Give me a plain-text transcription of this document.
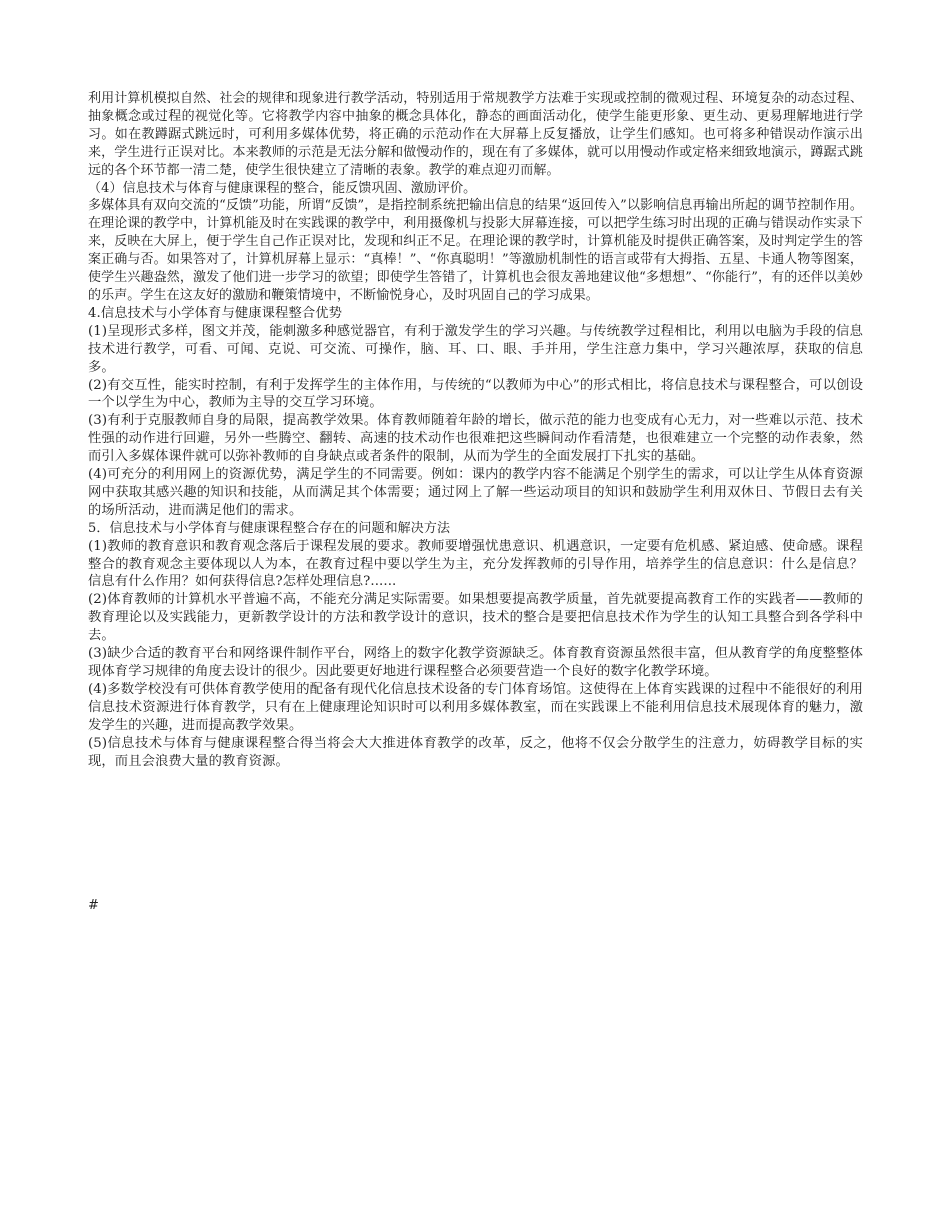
利用计算机模拟自然、社会的规律和现象进行教学活动，特别适用于常规教学方法难于实现或控制的微观过程、环境复杂的动态过程、抽象概念或过程的视觉化等。它将教学内容中抽象的概念具体化，静态的画面活动化，使学生能更形象、更生动、更易理解地进行学习。如在教蹲踞式跳远时，可利用多媒体优势，将正确的示范动作在大屏幕上反复播放，让学生们感知。也可将多种错误动作演示出来，学生进行正误对比。本来教师的示范是无法分解和做慢动作的，现在有了多媒体，就可以用慢动作或定格来细致地演示，蹲踞式跳远的各个环节都一清二楚，使学生很快建立了清晰的表象。教学的难点迎刃而解。

（4）信息技术与体育与健康课程的整合，能反馈巩固、激励评价。

多媒体具有双向交流的“反馈”功能，所谓“反馈”，是指控制系统把输出信息的结果“返回传入”以影响信息再输出所起的调节控制作用。在理论课的教学中，计算机能及时在实践课的教学中，利用摄像机与投影大屏幕连接，可以把学生练习时出现的正确与错误动作实录下来，反映在大屏上，便于学生自己作正误对比，发现和纠正不足。在理论课的教学时，计算机能及时提供正确答案，及时判定学生的答案正确与否。如果答对了，计算机屏幕上显示：“真棒！”、“你真聪明！”等激励机制性的语言或带有大拇指、五星、卡通人物等图案，使学生兴趣盎然，激发了他们进一步学习的欲望；即使学生答错了，计算机也会很友善地建议他“多想想”、“你能行”，有的还伴以美妙的乐声。学生在这友好的激励和鞭策情境中，不断愉悦身心，及时巩固自己的学习成果。

4.信息技术与小学体育与健康课程整合优势

(1)呈现形式多样，图文并茂，能刺激多种感觉器官，有利于激发学生的学习兴趣。与传统教学过程相比，利用以电脑为手段的信息技术进行教学，可看、可闻、克说、可交流、可操作，脑、耳、口、眼、手并用，学生注意力集中，学习兴趣浓厚，获取的信息多。

(2)有交互性，能实时控制，有利于发挥学生的主体作用，与传统的“以教师为中心”的形式相比，将信息技术与课程整合，可以创设一个以学生为中心，教师为主导的交互学习环境。

(3)有利于克服教师自身的局限，提高教学效果。体育教师随着年龄的增长，做示范的能力也变成有心无力，对一些难以示范、技术性强的动作进行回避，另外一些腾空、翻转、高速的技术动作也很难把这些瞬间动作看清楚，也很难建立一个完整的动作表象，然而引入多媒体课件就可以弥补教师的自身缺点或者条件的限制，从而为学生的全面发展打下扎实的基础。

(4)可充分的利用网上的资源优势，满足学生的不同需要。例如：课内的教学内容不能满足个别学生的需求，可以让学生从体育资源网中获取其感兴趣的知识和技能，从而满足其个体需要；通过网上了解一些运动项目的知识和鼓励学生利用双休日、节假日去有关的场所活动，进而满足他们的需求。

5．信息技术与小学体育与健康课程整合存在的问题和解决方法

(1)教师的教育意识和教育观念落后于课程发展的要求。教师要增强忧患意识、机遇意识，一定要有危机感、紧迫感、使命感。课程整合的教育观念主要体现以人为本，在教育过程中要以学生为主，充分发挥教师的引导作用，培养学生的信息意识：什么是信息？信息有什么作用？如何获得信息?怎样处理信息?......

(2)体育教师的计算机水平普遍不高，不能充分满足实际需要。如果想要提高教学质量，首先就要提高教育工作的实践者——教师的教育理论以及实践能力，更新教学设计的方法和教学设计的意识，技术的整合是要把信息技术作为学生的认知工具整合到各学科中去。

(3)缺少合适的教育平台和网络课件制作平台，网络上的数字化教学资源缺乏。体育教育资源虽然很丰富，但从教育学的角度整整体现体育学习规律的角度去设计的很少。因此要更好地进行课程整合必须要营造一个良好的数字化教学环境。

(4)多数学校没有可供体育教学使用的配备有现代化信息技术设备的专门体育场馆。这使得在上体育实践课的过程中不能很好的利用信息技术资源进行体育教学，只有在上健康理论知识时可以利用多媒体教室，而在实践课上不能利用信息技术展现体育的魅力，激发学生的兴趣，进而提高教学效果。

(5)信息技术与体育与健康课程整合得当将会大大推进体育教学的改革，反之，他将不仅会分散学生的注意力，妨碍教学目标的实现，而且会浪费大量的教育资源。

#
